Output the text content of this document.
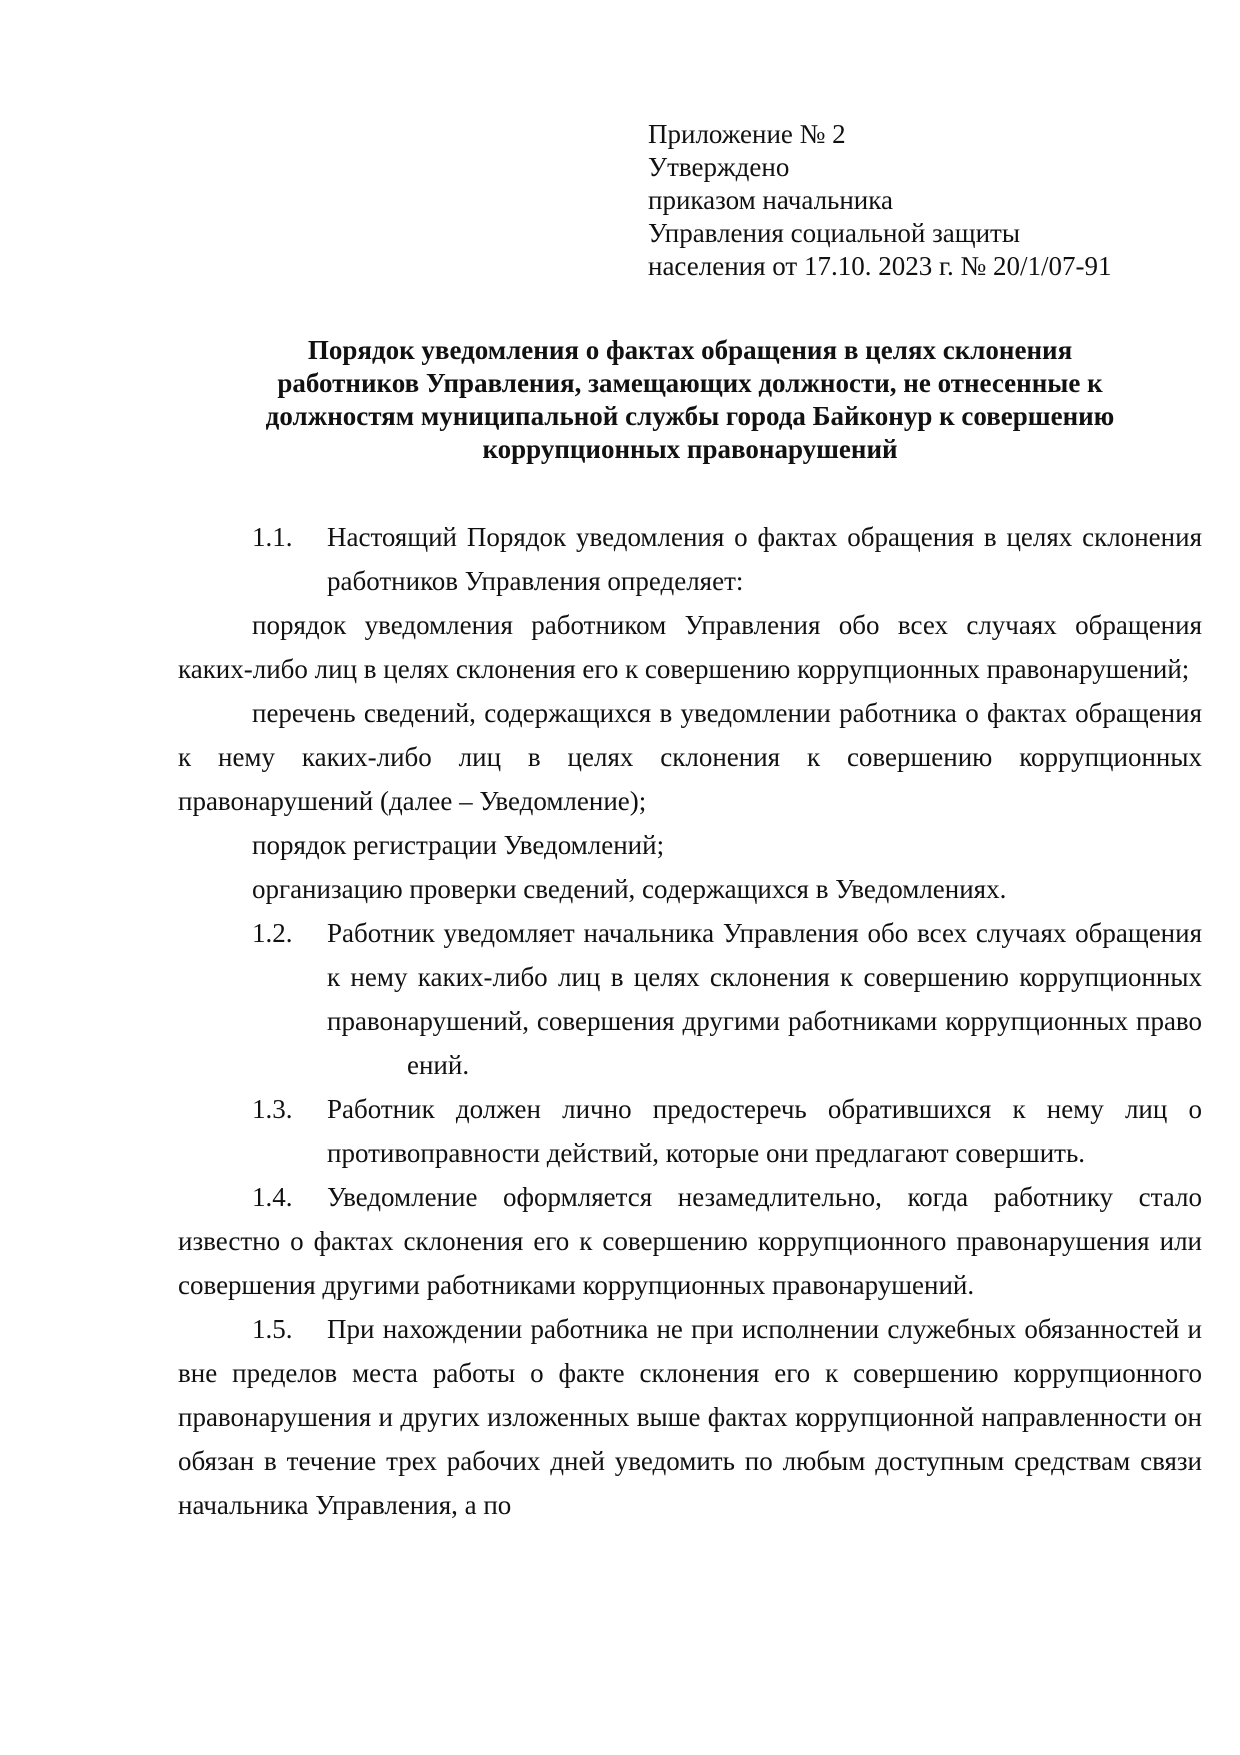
Приложение № 2
Утверждено
приказом начальника
Управления социальной защиты
населения от 17.10. 2023 г. № 20/1/07-91
Порядок уведомления о фактах обращения в целях склонения
работников Управления, замещающих должности, не отнесенные к
должностям муниципальной службы города Байконур к совершению
коррупционных правонарушений
1.1.	Настоящий Порядок уведомления о фактах обращения в целях склонения работников Управления определяет:
порядок уведомления работником Управления обо всех случаях обращения каких-либо лиц в целях склонения его к совершению коррупционных правонарушений;
перечень сведений, содержащихся в уведомлении работника о фактах обращения к нему каких-либо лиц в целях склонения к совершению коррупционных правонарушений (далее – Уведомление);
порядок регистрации Уведомлений;
организацию проверки сведений, содержащихся в Уведомлениях.
1.2.	Работник уведомляет начальника Управления обо всех случаях обращения к нему каких-либо лиц в целях склонения к совершению коррупционных правонарушений, совершения другими работниками коррупционных правоений.
1.3.	Работник должен лично предостеречь обратившихся к нему лиц о противоправности действий, которые они предлагают совершить.
1.4. Уведомление оформляется незамедлительно, когда работнику стало известно о фактах склонения его к совершению коррупционного правонарушения или совершения другими работниками коррупционных правонарушений.
1.5. При нахождении работника не при исполнении служебных обязанностей и вне пределов места работы о факте склонения его к совершению коррупционного правонарушения и других изложенных выше фактах коррупционной направленности он обязан в течение трех рабочих дней уведомить по любым доступным средствам связи начальника Управления, а по
